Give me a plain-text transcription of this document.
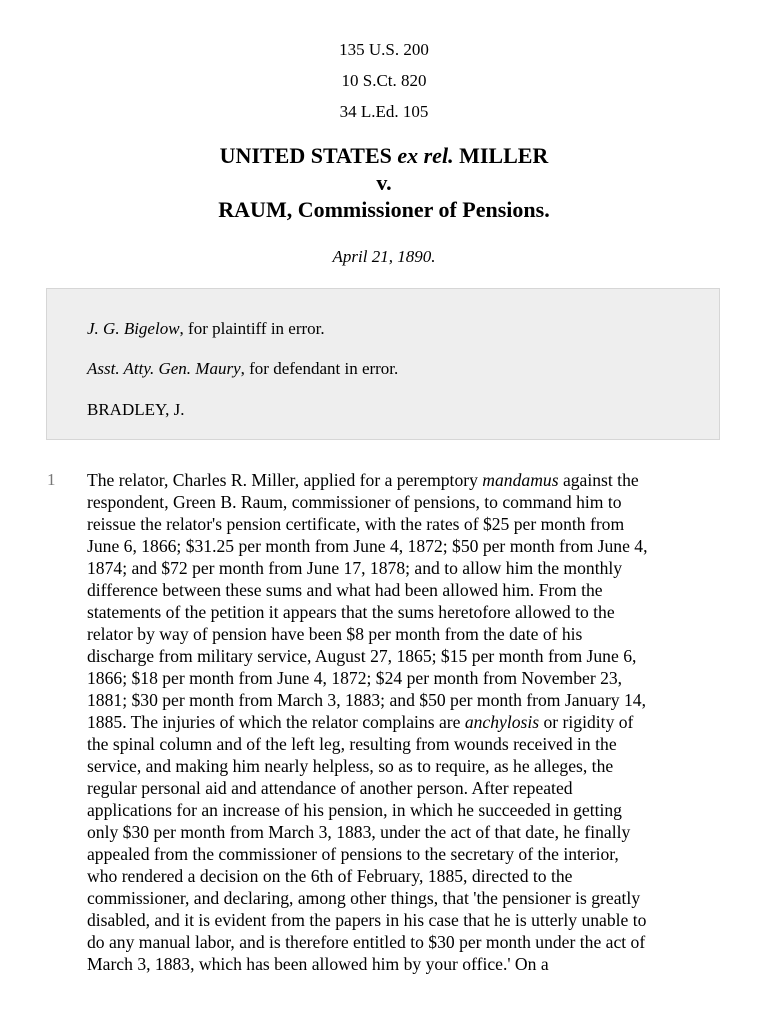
135 U.S. 200
10 S.Ct. 820
34 L.Ed. 105
UNITED STATES ex rel. MILLER
v.
RAUM, Commissioner of Pensions.
April 21, 1890.
J. G. Bigelow, for plaintiff in error.
Asst. Atty. Gen. Maury, for defendant in error.
BRADLEY, J.
1 The relator, Charles R. Miller, applied for a peremptory mandamus against the
respondent, Green B. Raum, commissioner of pensions, to command him to
reissue the relator's pension certificate, with the rates of $25 per month from
June 6, 1866; $31.25 per month from June 4, 1872; $50 per month from June 4,
1874; and $72 per month from June 17, 1878; and to allow him the monthly
difference between these sums and what had been allowed him. From the
statements of the petition it appears that the sums heretofore allowed to the
relator by way of pension have been $8 per month from the date of his
discharge from military service, August 27, 1865; $15 per month from June 6,
1866; $18 per month from June 4, 1872; $24 per month from November 23,
1881; $30 per month from March 3, 1883; and $50 per month from January 14,
1885. The injuries of which the relator complains are anchylosis or rigidity of
the spinal column and of the left leg, resulting from wounds received in the
service, and making him nearly helpless, so as to require, as he alleges, the
regular personal aid and attendance of another person. After repeated
applications for an increase of his pension, in which he succeeded in getting
only $30 per month from March 3, 1883, under the act of that date, he finally
appealed from the commissioner of pensions to the secretary of the interior,
who rendered a decision on the 6th of February, 1885, directed to the
commissioner, and declaring, among other things, that 'the pensioner is greatly
disabled, and it is evident from the papers in his case that he is utterly unable to
do any manual labor, and is therefore entitled to $30 per month under the act of
March 3, 1883, which has been allowed him by your office.' On a
